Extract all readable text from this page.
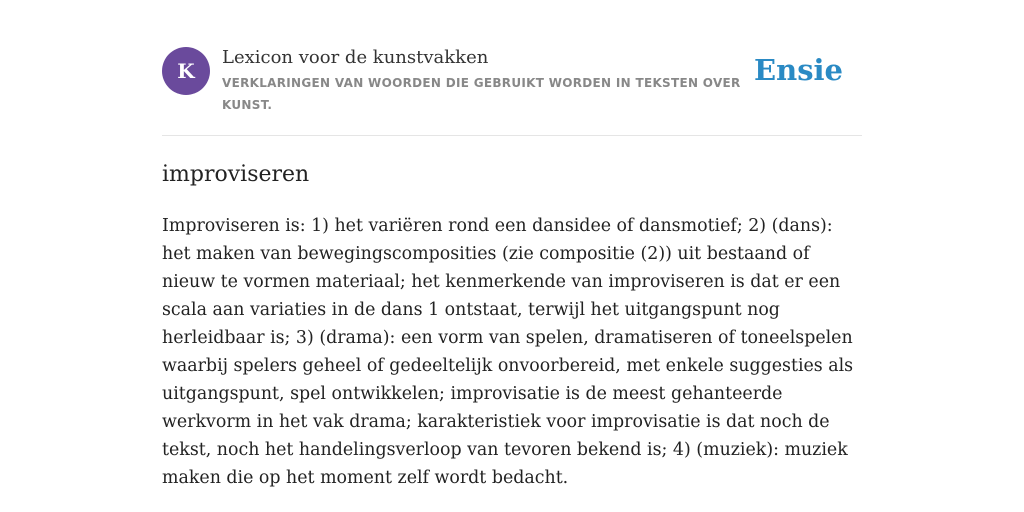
K
Lexicon voor de kunstvakken
VERKLARINGEN VAN WOORDEN DIE GEBRUIKT WORDEN IN TEKSTEN OVER KUNST.
Ensie
improviseren

Improviseren is: 1) het variëren rond een dansidee of dansmotief; 2) (dans): het maken van bewegingscomposities (zie compositie (2)) uit bestaand of nieuw te vormen materiaal; het kenmerkende van improviseren is dat er een scala aan variaties in de dans 1 ontstaat, terwijl het uitgangspunt nog herleidbaar is; 3) (drama): een vorm van spelen, dramatiseren of toneelspelen waarbij spelers geheel of gedeeltelijk onvoorbereid, met enkele suggesties als uitgangspunt, spel ontwikkelen; improvisatie is de meest gehanteerde werkvorm in het vak drama; karakteristiek voor improvisatie is dat noch de tekst, noch het handelingsverloop van tevoren bekend is; 4) (muziek): muziek maken die op het moment zelf wordt bedacht.
